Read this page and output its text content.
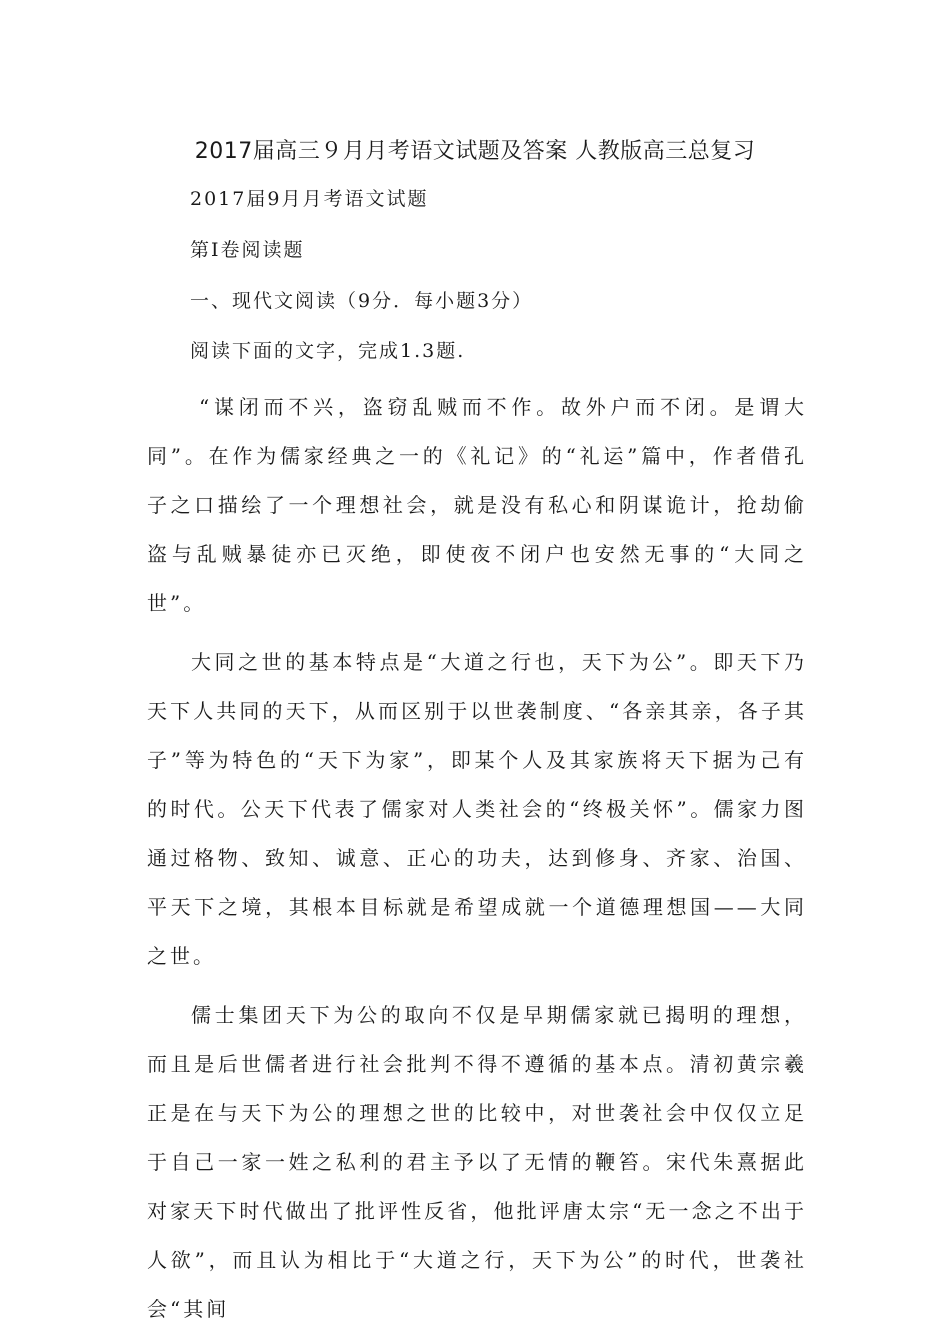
2017届高三９月月考语文试题及答案 人教版高三总复习
2017届9月月考语文试题
第Ⅰ卷阅读题
一、现代文阅读（9分．每小题3分）
阅读下面的文字，完成1.3题.

“谋闭而不兴，盗窃乱贼而不作。故外户而不闭。是谓大同”。在作为儒家经典之一的《礼记》的“礼运”篇中，作者借孔子之口描绘了一个理想社会，就是没有私心和阴谋诡计，抢劫偷盗与乱贼暴徒亦已灭绝，即使夜不闭户也安然无事的“大同之世”。

大同之世的基本特点是“大道之行也，天下为公”。即天下乃天下人共同的天下，从而区别于以世袭制度、“各亲其亲，各子其子”等为特色的“天下为家”，即某个人及其家族将天下据为己有的时代。公天下代表了儒家对人类社会的“终极关怀”。儒家力图通过格物、致知、诚意、正心的功夫，达到修身、齐家、治国、平天下之境，其根本目标就是希望成就一个道德理想国——大同之世。

儒士集团天下为公的取向不仅是早期儒家就已揭明的理想，而且是后世儒者进行社会批判不得不遵循的基本点。清初黄宗羲正是在与天下为公的理想之世的比较中，对世袭社会中仅仅立足于自己一家一姓之私利的君主予以了无情的鞭笞。宋代朱熹据此对家天下时代做出了批评性反省，他批评唐太宗“无一念之不出于人欲”，而且认为相比于“大道之行，天下为公”的时代，世袭社会“其间
